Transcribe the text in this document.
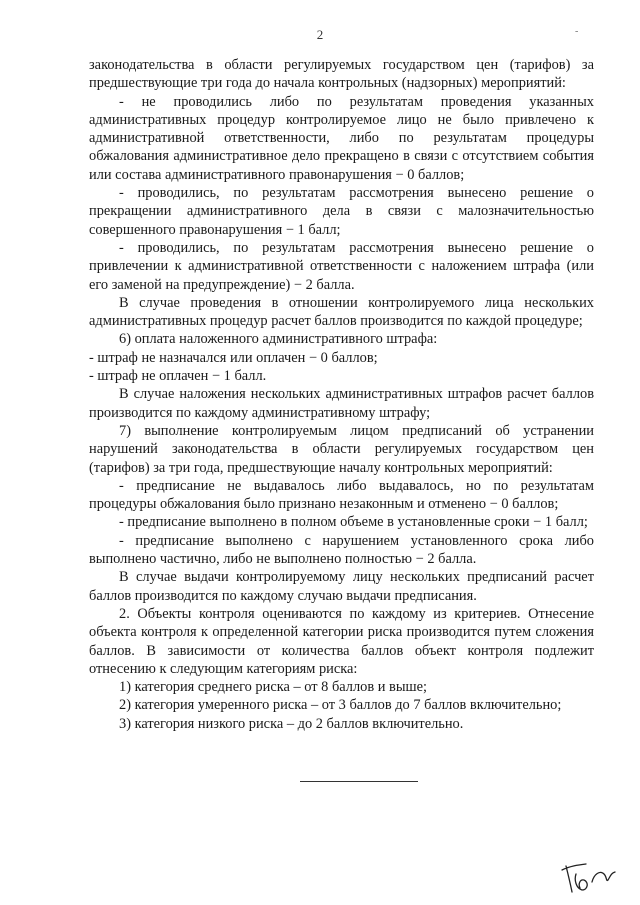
2	-

законодательства в области регулируемых государством цен (тарифов) за предшествующие три года до начала контрольных (надзорных) мероприятий:

- не проводились либо по результатам проведения указанных административных процедур контролируемое лицо не было привлечено к административной ответственности, либо по результатам процедуры обжалования административное дело прекращено в связи с отсутствием события или состава административного правонарушения − 0 баллов;

- проводились, по результатам рассмотрения вынесено решение о прекращении административного дела в связи с малозначительностью совершенного правонарушения − 1 балл;

- проводились, по результатам рассмотрения вынесено решение о привлечении к административной ответственности с наложением штрафа (или его заменой на предупреждение) − 2 балла.

В случае проведения в отношении контролируемого лица нескольких административных процедур расчет баллов производится по каждой процедуре;

6) оплата наложенного административного штрафа:

- штраф не назначался или оплачен − 0 баллов;

- штраф не оплачен − 1 балл.

В случае наложения нескольких административных штрафов расчет баллов производится по каждому административному штрафу;

7) выполнение контролируемым лицом предписаний об устранении нарушений законодательства в области регулируемых государством цен (тарифов) за три года, предшествующие началу контрольных мероприятий:

- предписание не выдавалось либо выдавалось, но по результатам процедуры обжалования было признано незаконным и отменено − 0 баллов;

- предписание выполнено в полном объеме в установленные сроки − 1 балл;

- предписание выполнено с нарушением установленного срока либо выполнено частично, либо не выполнено полностью − 2 балла.

В случае выдачи контролируемому лицу нескольких предписаний расчет баллов производится по каждому случаю выдачи предписания.

2. Объекты контроля оцениваются по каждому из критериев. Отнесение объекта контроля к определенной категории риска производится путем сложения баллов. В зависимости от количества баллов объект контроля подлежит отнесению к следующим категориям риска:

1) категория среднего риска – от 8 баллов и выше;

2) категория умеренного риска – от 3 баллов до 7 баллов включительно;

3) категория низкого риска – до 2 баллов включительно.
